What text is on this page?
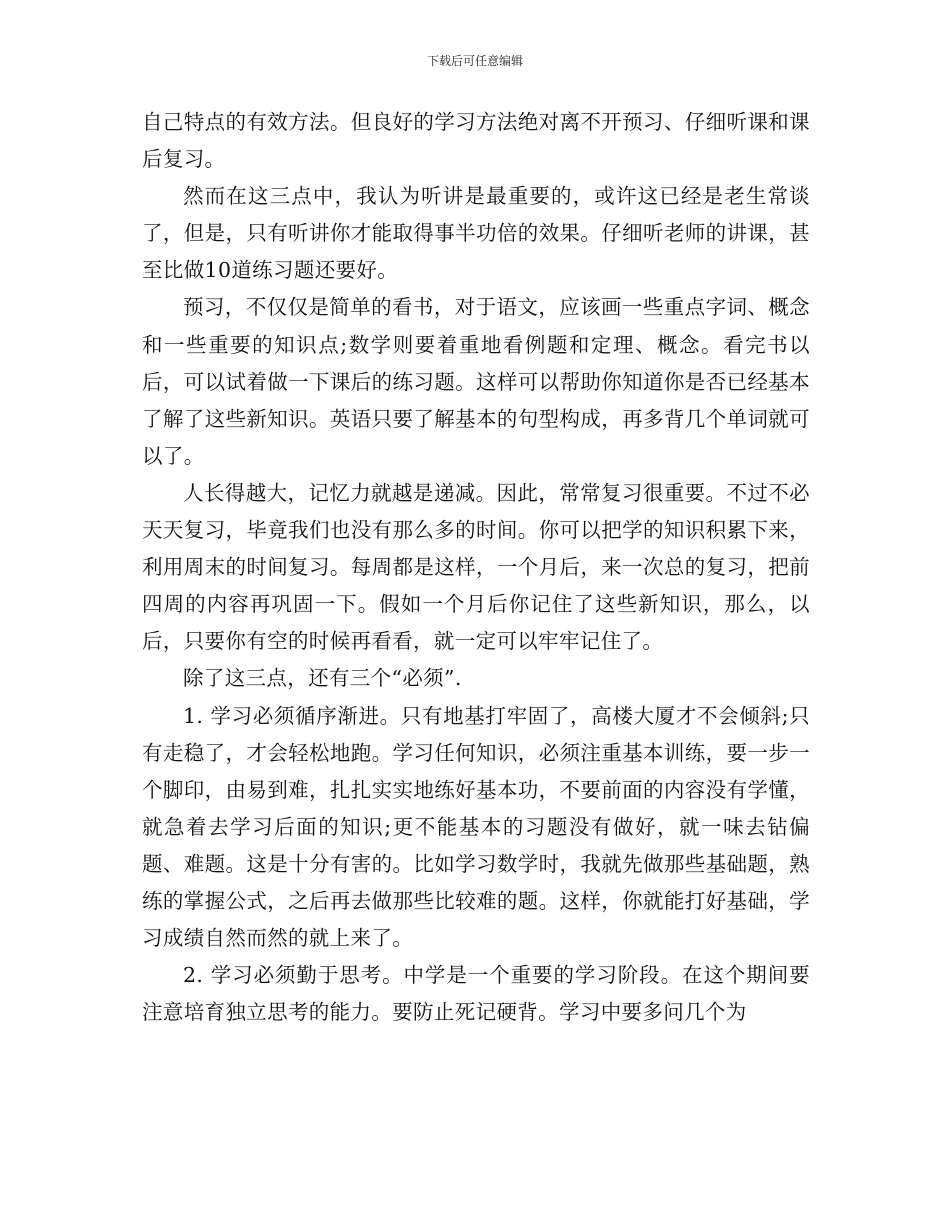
下载后可任意编辑

自己特点的有效方法。但良好的学习方法绝对离不开预习、仔细听课和课后复习。

然而在这三点中，我认为听讲是最重要的，或许这已经是老生常谈了，但是，只有听讲你才能取得事半功倍的效果。仔细听老师的讲课，甚至比做10道练习题还要好。

预习，不仅仅是简单的看书，对于语文，应该画一些重点字词、概念和一些重要的知识点;数学则要着重地看例题和定理、概念。看完书以后，可以试着做一下课后的练习题。这样可以帮助你知道你是否已经基本了解了这些新知识。英语只要了解基本的句型构成，再多背几个单词就可以了。

人长得越大，记忆力就越是递减。因此，常常复习很重要。不过不必天天复习，毕竟我们也没有那么多的时间。你可以把学的知识积累下来，利用周末的时间复习。每周都是这样，一个月后，来一次总的复习，把前四周的内容再巩固一下。假如一个月后你记住了这些新知识，那么，以后，只要你有空的时候再看看，就一定可以牢牢记住了。

除了这三点，还有三个“必须”.

1. 学习必须循序渐进。只有地基打牢固了，高楼大厦才不会倾斜;只有走稳了，才会轻松地跑。学习任何知识，必须注重基本训练，要一步一个脚印，由易到难，扎扎实实地练好基本功，不要前面的内容没有学懂，就急着去学习后面的知识;更不能基本的习题没有做好，就一味去钻偏题、难题。这是十分有害的。比如学习数学时，我就先做那些基础题，熟练的掌握公式，之后再去做那些比较难的题。这样，你就能打好基础，学习成绩自然而然的就上来了。

2. 学习必须勤于思考。中学是一个重要的学习阶段。在这个期间要注意培育独立思考的能力。要防止死记硬背。学习中要多问几个为
